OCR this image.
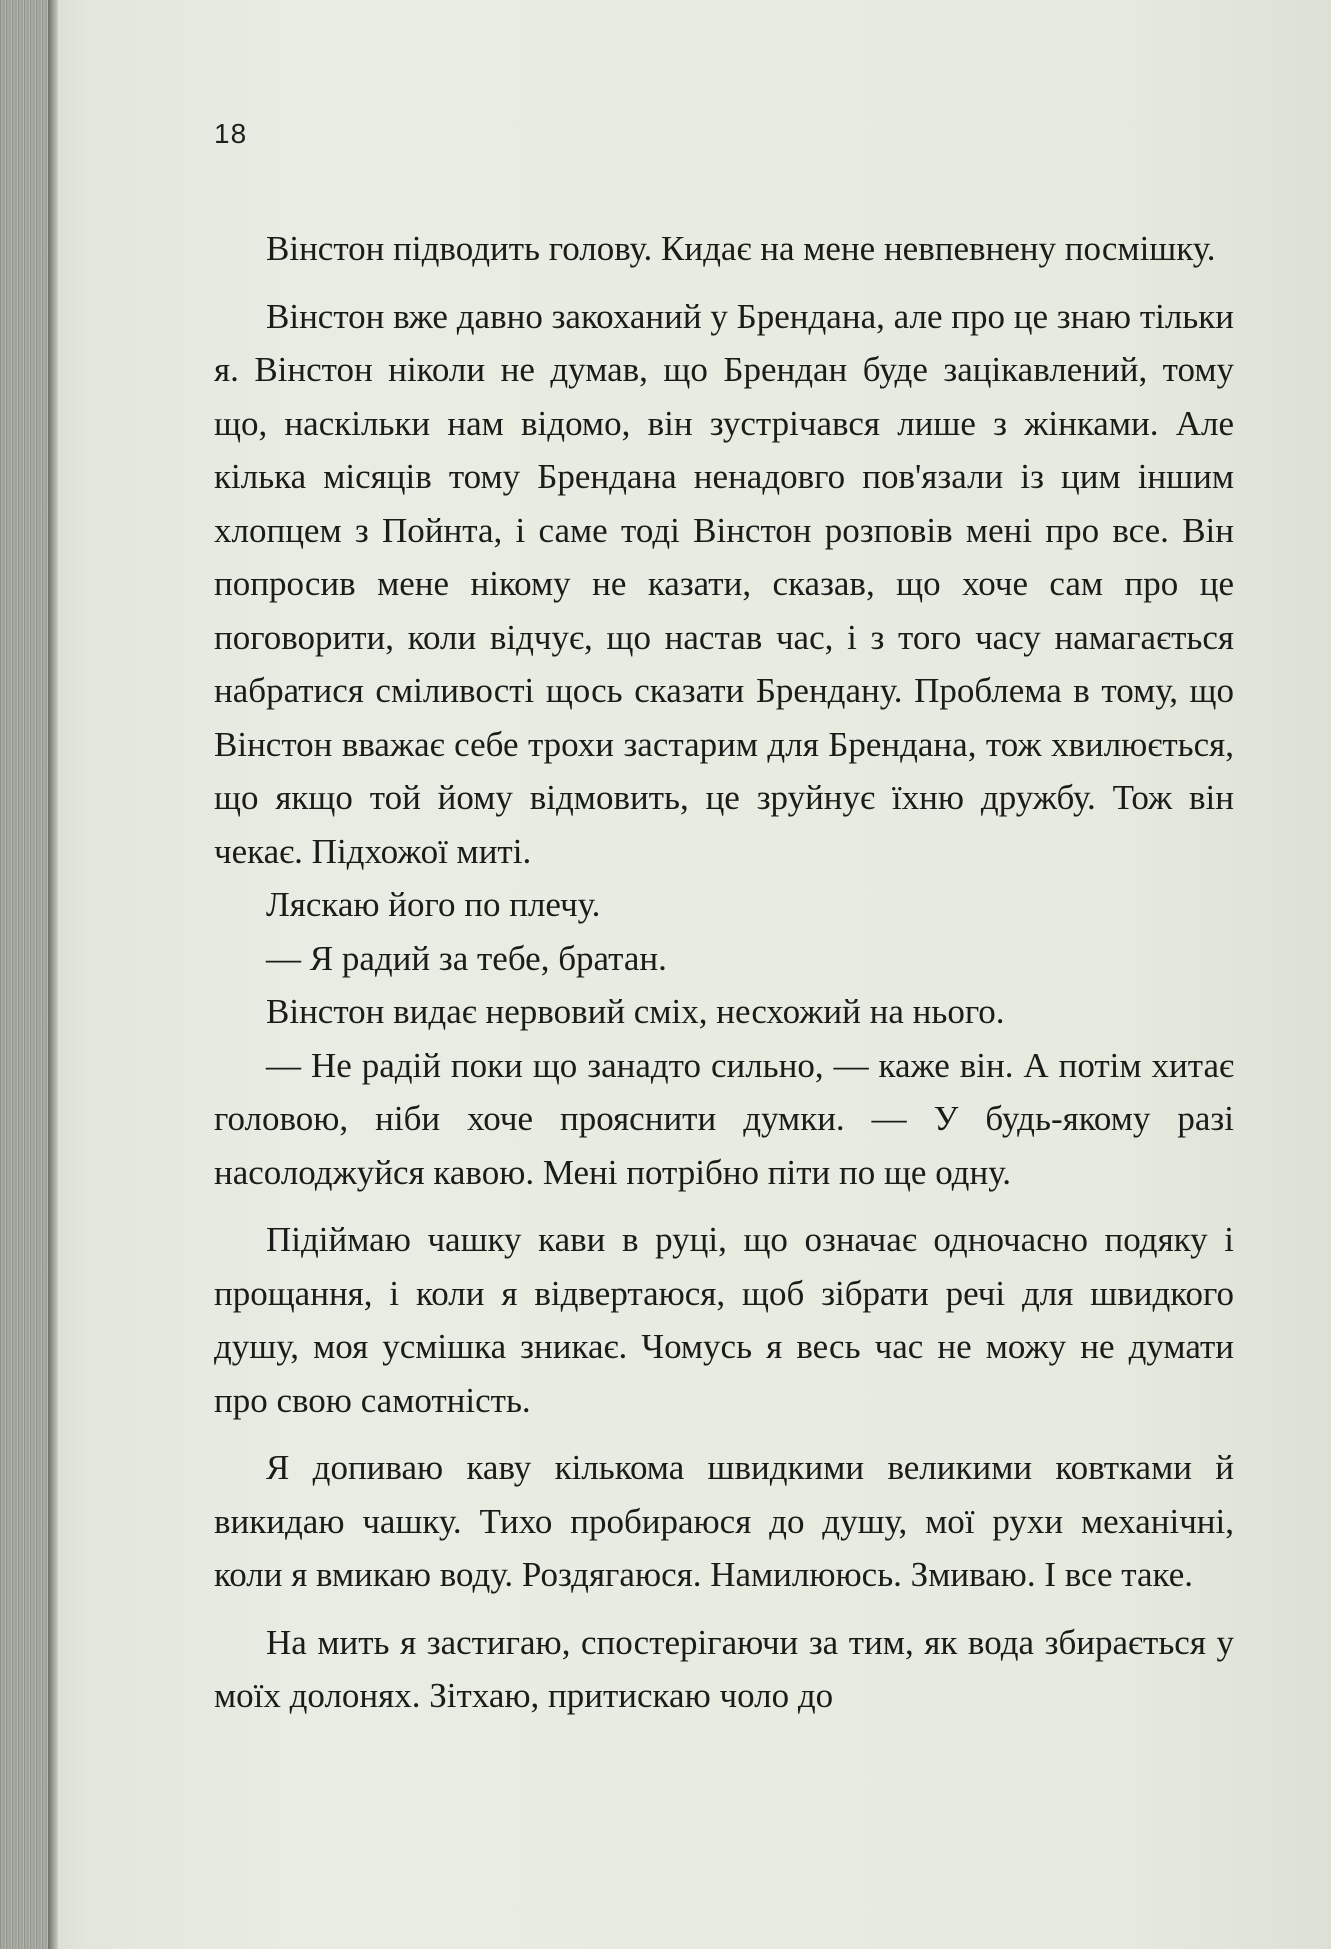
18

Вінстон підводить голову. Кидає на мене невпевнену посмішку.

Вінстон вже давно закоханий у Брендана, але про це знаю тільки я. Вінстон ніколи не думав, що Брендан буде зацікавлений, тому що, наскільки нам відомо, він зустрічався лише з жінками. Але кілька місяців тому Брендана ненадовго пов'язали із цим іншим хлопцем з Пойнта, і саме тоді Вінстон розповів мені про все. Він попросив мене нікому не казати, сказав, що хоче сам про це поговорити, коли відчує, що настав час, і з того часу намагається набратися сміливості щось сказати Брендану. Проблема в тому, що Вінстон вважає себе трохи застарим для Брендана, тож хвилюється, що якщо той йому відмовить, це зруйнує їхню дружбу. Тож він чекає. Підхожої миті.

Ляскаю його по плечу.

— Я радий за тебе, братан.

Вінстон видає нервовий сміх, несхожий на нього.

— Не радій поки що занадто сильно, — каже він. А потім хитає головою, ніби хоче прояснити думки. — У будь-якому разі насолоджуйся кавою. Мені потрібно піти по ще одну.

Підіймаю чашку кави в руці, що означає одночасно подяку і прощання, і коли я відвертаюся, щоб зібрати речі для швидкого душу, моя усмішка зникає. Чомусь я весь час не можу не думати про свою самотність.

Я допиваю каву кількома швидкими великими ковтками й викидаю чашку. Тихо пробираюся до душу, мої рухи механічні, коли я вмикаю воду. Роздягаюся. Намилююсь. Змиваю. І все таке.

На мить я застигаю, спостерігаючи за тим, як вода збирається у моїх долонях. Зітхаю, притискаю чоло до
